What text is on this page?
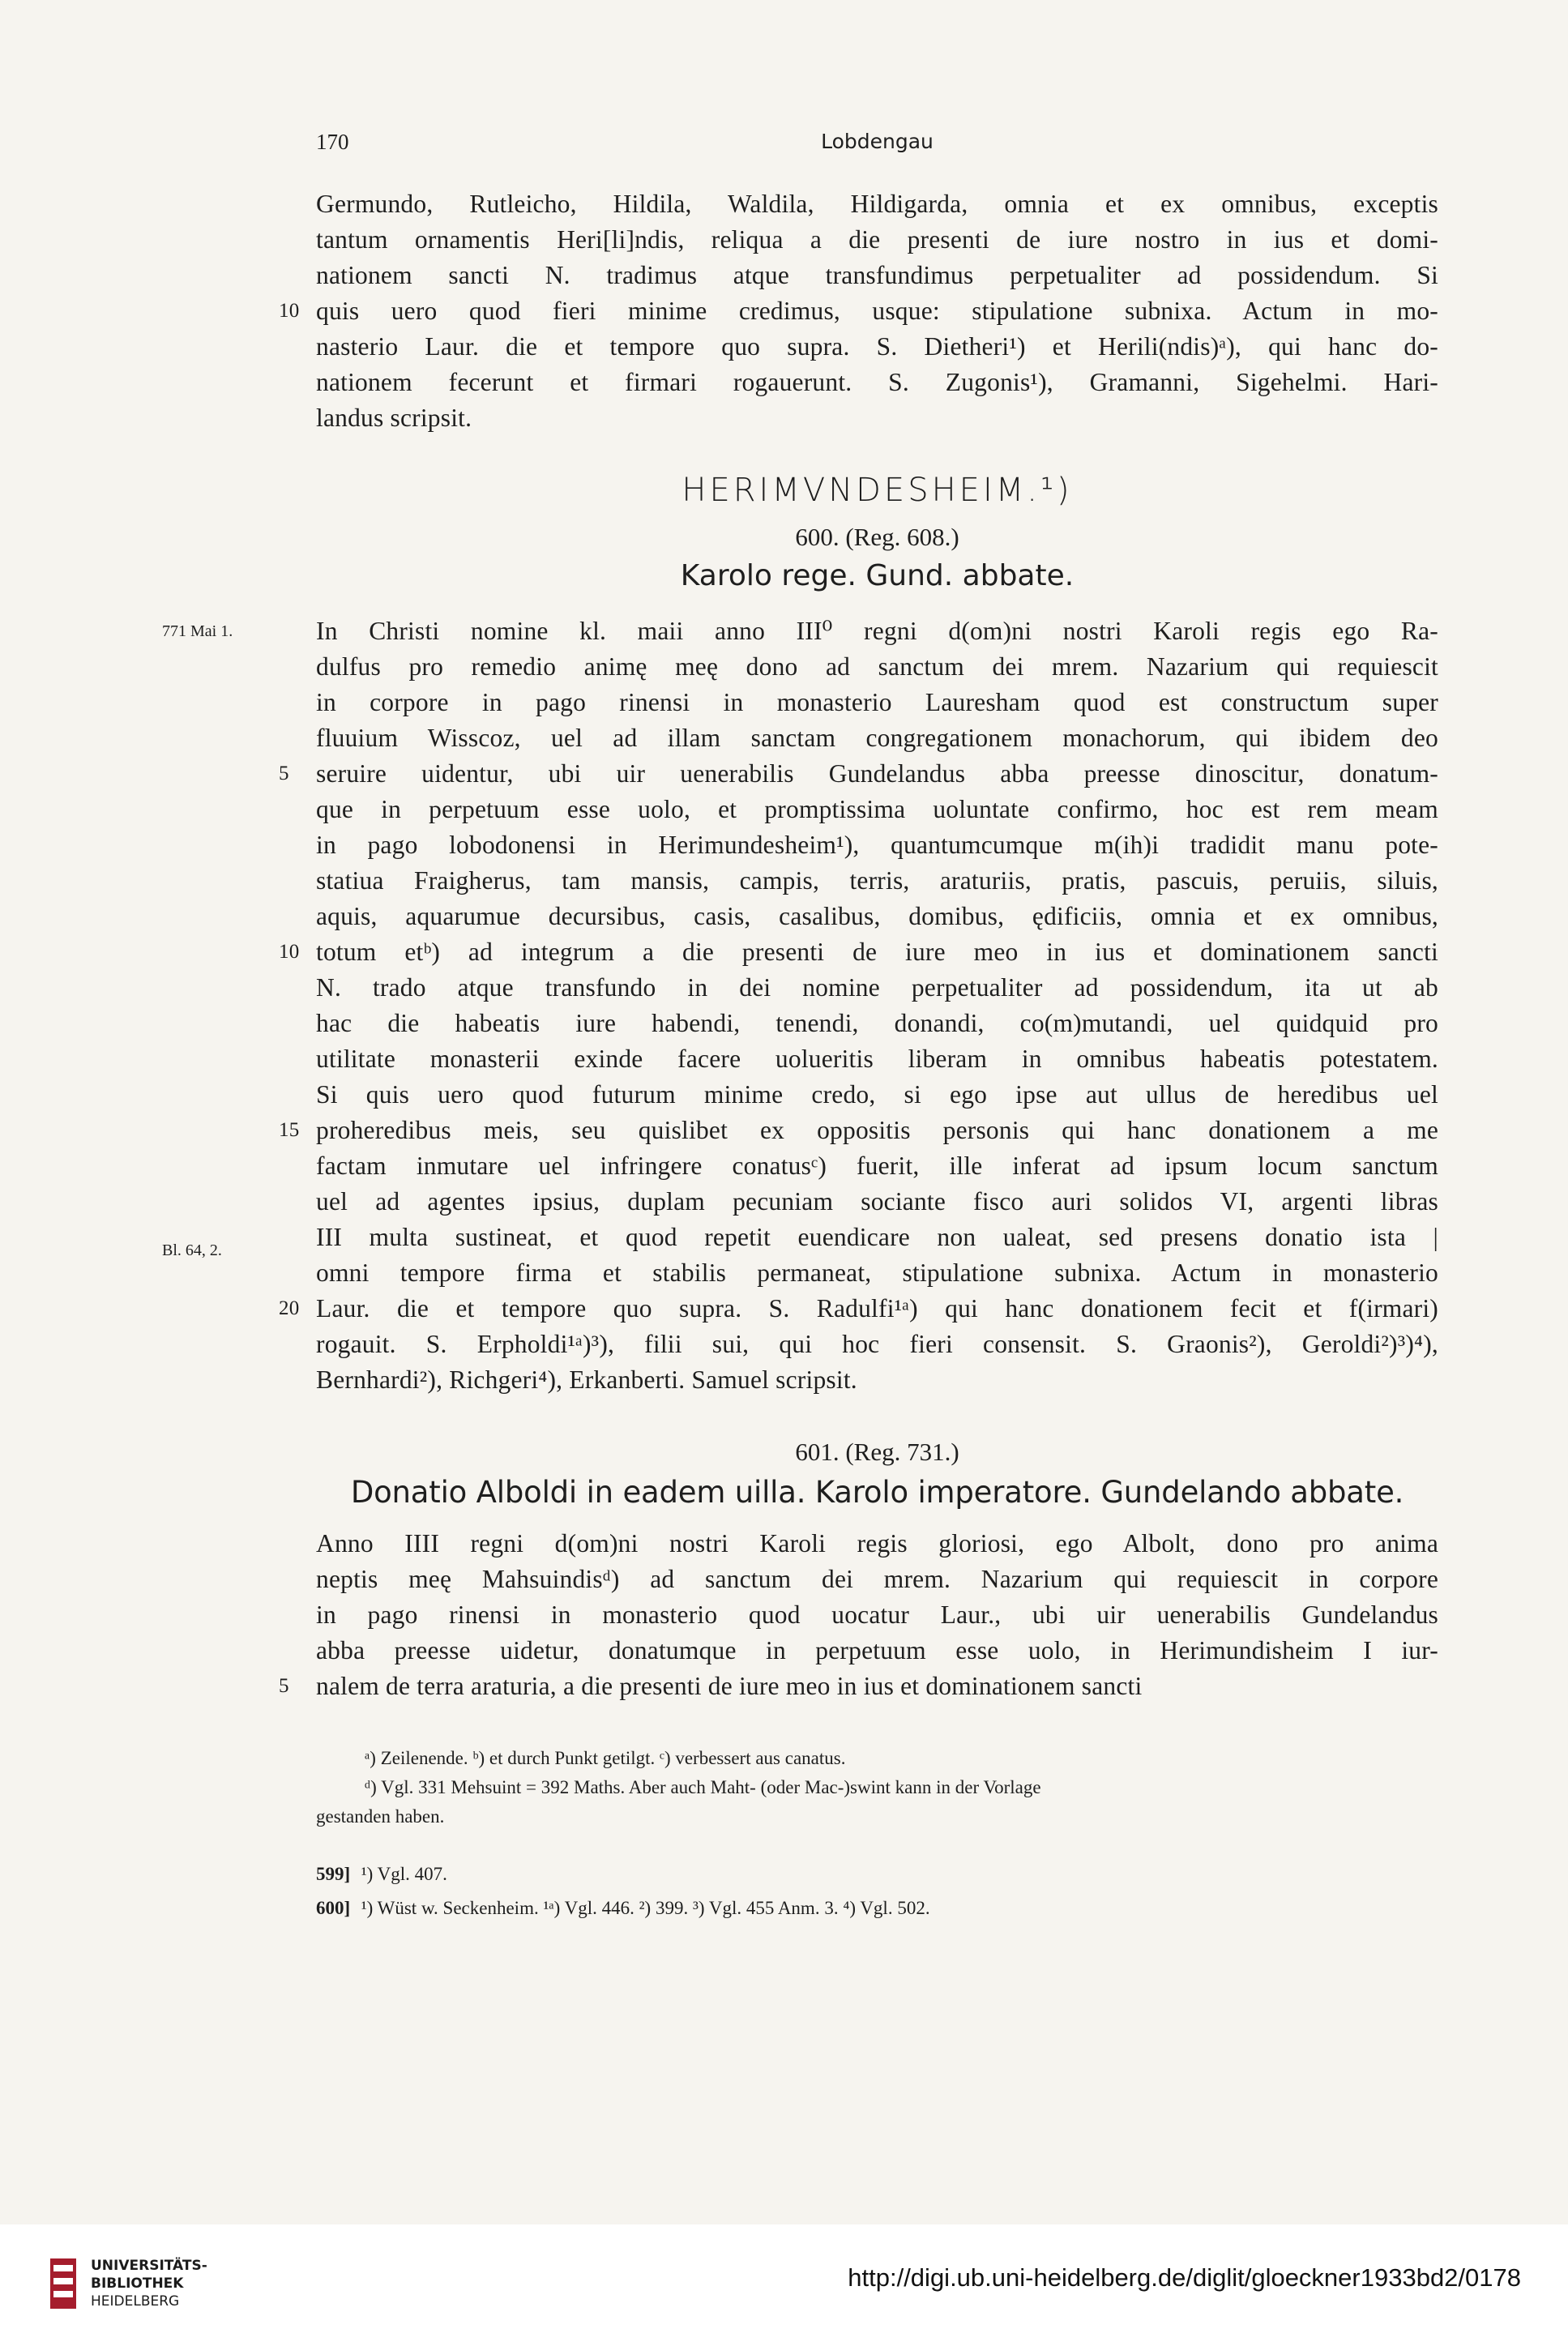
170	Lobdengau
Germundo, Rutleicho, Hildila, Waldila, Hildigarda, omnia et ex omnibus, exceptis
tantum ornamentis Heri[li]ndis, reliqua a die presenti de iure nostro in ius et domi-
nationem sancti N. tradimus atque transfundimus perpetualiter ad possidendum. Si
quis uero quod fieri minime credimus, usque: stipulatione subnixa. Actum in mo-
10
nasterio Laur. die et tempore quo supra. S. Dietheri¹) et Herili(ndis)ᵃ), qui hanc do-
nationem fecerunt et firmari rogauerunt. S. Zugonis¹), Gramanni, Sigehelmi. Hari-
landus scripsit.
HERIMVNDESHEIM.¹)
600. (Reg. 608.)
Karolo rege. Gund. abbate.
771 Mai 1.
Bl. 64, 2.
In Christi nomine kl. maii anno III⁰ regni d(om)ni nostri Karoli regis ego Ra-
dulfus pro remedio animę meę dono ad sanctum dei mrem. Nazarium qui requiescit
in corpore in pago rinensi in monasterio Lauresham quod est constructum super
fluuium Wisscoz, uel ad illam sanctam congregationem monachorum, qui ibidem deo
seruire uidentur, ubi uir uenerabilis Gundelandus abba preesse dinoscitur, donatum-
5
que in perpetuum esse uolo, et promptissima uoluntate confirmo, hoc est rem meam
in pago lobodonensi in Herimundesheim¹), quantumcumque m(ih)i tradidit manu pote-
statiua Fraigherus, tam mansis, campis, terris, araturiis, pratis, pascuis, peruiis, siluis,
aquis, aquarumue decursibus, casis, casalibus, domibus, ędificiis, omnia et ex omnibus,
totum etᵇ) ad integrum a die presenti de iure meo in ius et dominationem sancti
10
N. trado atque transfundo in dei nomine perpetualiter ad possidendum, ita ut ab
hac die habeatis iure habendi, tenendi, donandi, co(m)mutandi, uel quidquid pro
utilitate monasterii exinde facere uolueritis liberam in omnibus habeatis potestatem.
Si quis uero quod futurum minime credo, si ego ipse aut ullus de heredibus uel
proheredibus meis, seu quislibet ex oppositis personis qui hanc donationem a me
15
factam inmutare uel infringere conatusᶜ) fuerit, ille inferat ad ipsum locum sanctum
uel ad agentes ipsius, duplam pecuniam sociante fisco auri solidos VI, argenti libras
III multa sustineat, et quod repetit euendicare non ualeat, sed presens donatio ista |
omni tempore firma et stabilis permaneat, stipulatione subnixa. Actum in monasterio
Laur. die et tempore quo supra. S. Radulfi¹ᵃ) qui hanc donationem fecit et f(irmari)
20
rogauit. S. Erpholdi¹ᵃ)³), filii sui, qui hoc fieri consensit. S. Graonis²), Geroldi²)³)⁴),
Bernhardi²), Richgeri⁴), Erkanberti. Samuel scripsit.
601. (Reg. 731.)
Donatio Alboldi in eadem uilla. Karolo imperatore. Gundelando abbate.
Anno IIII regni d(om)ni nostri Karoli regis gloriosi, ego Albolt, dono pro anima
neptis meę Mahsuindisᵈ) ad sanctum dei mrem. Nazarium qui requiescit in corpore
in pago rinensi in monasterio quod uocatur Laur., ubi uir uenerabilis Gundelandus
abba preesse uidetur, donatumque in perpetuum esse uolo, in Herimundisheim I iur-
nalem de terra araturia, a die presenti de iure meo in ius et dominationem sancti
5
ᵃ) Zeilenende. ᵇ) et durch Punkt getilgt. ᶜ) verbessert aus canatus.
ᵈ) Vgl. 331 Mehsuint = 392 Maths. Aber auch Maht- (oder Mac-)swint kann in der Vorlage
gestanden haben.
599] ¹) Vgl. 407.
600] ¹) Wüst w. Seckenheim. ¹ᵃ) Vgl. 446. ²) 399. ³) Vgl. 455 Anm. 3. ⁴) Vgl. 502.
UNIVERSITÄTS-
BIBLIOTHEK
HEIDELBERG
http://digi.ub.uni-heidelberg.de/diglit/gloeckner1933bd2/0178
